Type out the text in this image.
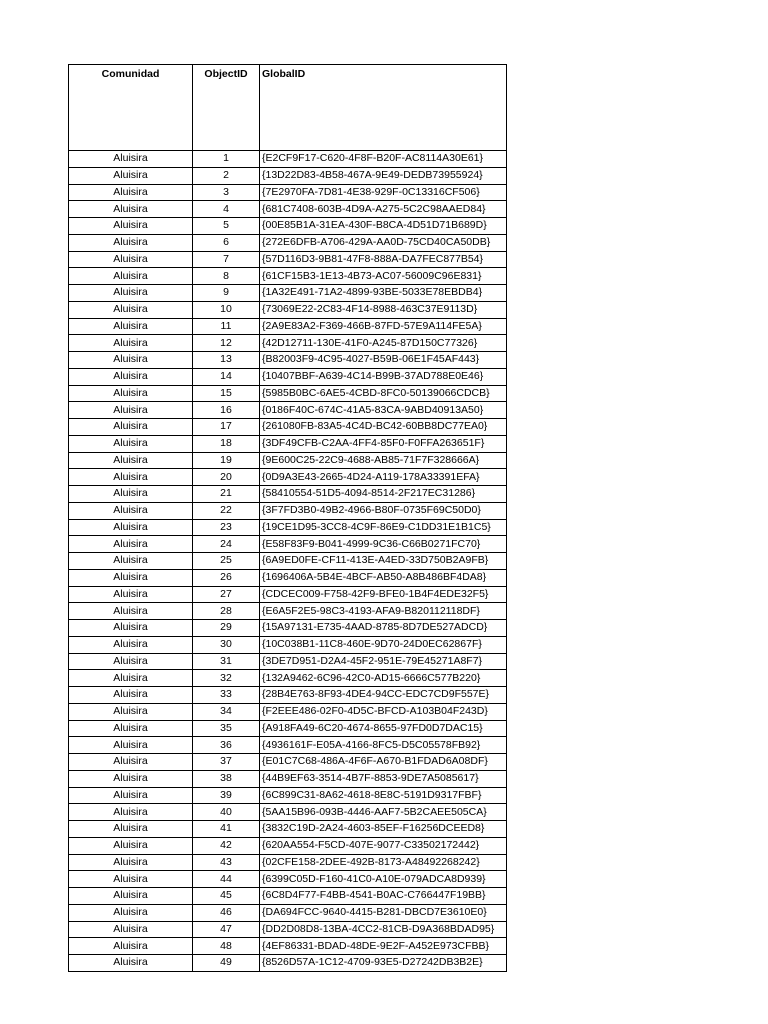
Comunidad	ObjectID	GlobalID
Aluisira	1	{E2CF9F17-C620-4F8F-B20F-AC8114A30E61}
Aluisira	2	{13D22D83-4B58-467A-9E49-DEDB73955924}
Aluisira	3	{7E2970FA-7D81-4E38-929F-0C13316CF506}
Aluisira	4	{681C7408-603B-4D9A-A275-5C2C98AAED84}
Aluisira	5	{00E85B1A-31EA-430F-B8CA-4D51D71B689D}
Aluisira	6	{272E6DFB-A706-429A-AA0D-75CD40CA50DB}
Aluisira	7	{57D116D3-9B81-47F8-888A-DA7FEC877B54}
Aluisira	8	{61CF15B3-1E13-4B73-AC07-56009C96E831}
Aluisira	9	{1A32E491-71A2-4899-93BE-5033E78EBDB4}
Aluisira	10	{73069E22-2C83-4F14-8988-463C37E9113D}
Aluisira	11	{2A9E83A2-F369-466B-87FD-57E9A114FE5A}
Aluisira	12	{42D12711-130E-41F0-A245-87D150C77326}
Aluisira	13	{B82003F9-4C95-4027-B59B-06E1F45AF443}
Aluisira	14	{10407BBF-A639-4C14-B99B-37AD788E0E46}
Aluisira	15	{5985B0BC-6AE5-4CBD-8FC0-50139066CDCB}
Aluisira	16	{0186F40C-674C-41A5-83CA-9ABD40913A50}
Aluisira	17	{261080FB-83A5-4C4D-BC42-60BB8DC77EA0}
Aluisira	18	{3DF49CFB-C2AA-4FF4-85F0-F0FFA263651F}
Aluisira	19	{9E600C25-22C9-4688-AB85-71F7F328666A}
Aluisira	20	{0D9A3E43-2665-4D24-A119-178A33391EFA}
Aluisira	21	{58410554-51D5-4094-8514-2F217EC31286}
Aluisira	22	{3F7FD3B0-49B2-4966-B80F-0735F69C50D0}
Aluisira	23	{19CE1D95-3CC8-4C9F-86E9-C1DD31E1B1C5}
Aluisira	24	{E58F83F9-B041-4999-9C36-C66B0271FC70}
Aluisira	25	{6A9ED0FE-CF11-413E-A4ED-33D750B2A9FB}
Aluisira	26	{1696406A-5B4E-4BCF-AB50-A8B486BF4DA8}
Aluisira	27	{CDCEC009-F758-42F9-BFE0-1B4F4EDE32F5}
Aluisira	28	{E6A5F2E5-98C3-4193-AFA9-B820112118DF}
Aluisira	29	{15A97131-E735-4AAD-8785-8D7DE527ADCD}
Aluisira	30	{10C038B1-11C8-460E-9D70-24D0EC62867F}
Aluisira	31	{3DE7D951-D2A4-45F2-951E-79E45271A8F7}
Aluisira	32	{132A9462-6C96-42C0-AD15-6666C577B220}
Aluisira	33	{28B4E763-8F93-4DE4-94CC-EDC7CD9F557E}
Aluisira	34	{F2EEE486-02F0-4D5C-BFCD-A103B04F243D}
Aluisira	35	{A918FA49-6C20-4674-8655-97FD0D7DAC15}
Aluisira	36	{4936161F-E05A-4166-8FC5-D5C05578FB92}
Aluisira	37	{E01C7C68-486A-4F6F-A670-B1FDAD6A08DF}
Aluisira	38	{44B9EF63-3514-4B7F-8853-9DE7A5085617}
Aluisira	39	{6C899C31-8A62-4618-8E8C-5191D9317FBF}
Aluisira	40	{5AA15B96-093B-4446-AAF7-5B2CAEE505CA}
Aluisira	41	{3832C19D-2A24-4603-85EF-F16256DCEED8}
Aluisira	42	{620AA554-F5CD-407E-9077-C33502172442}
Aluisira	43	{02CFE158-2DEE-492B-8173-A48492268242}
Aluisira	44	{6399C05D-F160-41C0-A10E-079ADCA8D939}
Aluisira	45	{6C8D4F77-F4BB-4541-B0AC-C766447F19BB}
Aluisira	46	{DA694FCC-9640-4415-B281-DBCD7E3610E0}
Aluisira	47	{DD2D08D8-13BA-4CC2-81CB-D9A368BDAD95}
Aluisira	48	{4EF86331-BDAD-48DE-9E2F-A452E973CFBB}
Aluisira	49	{8526D57A-1C12-4709-93E5-D27242DB3B2E}
